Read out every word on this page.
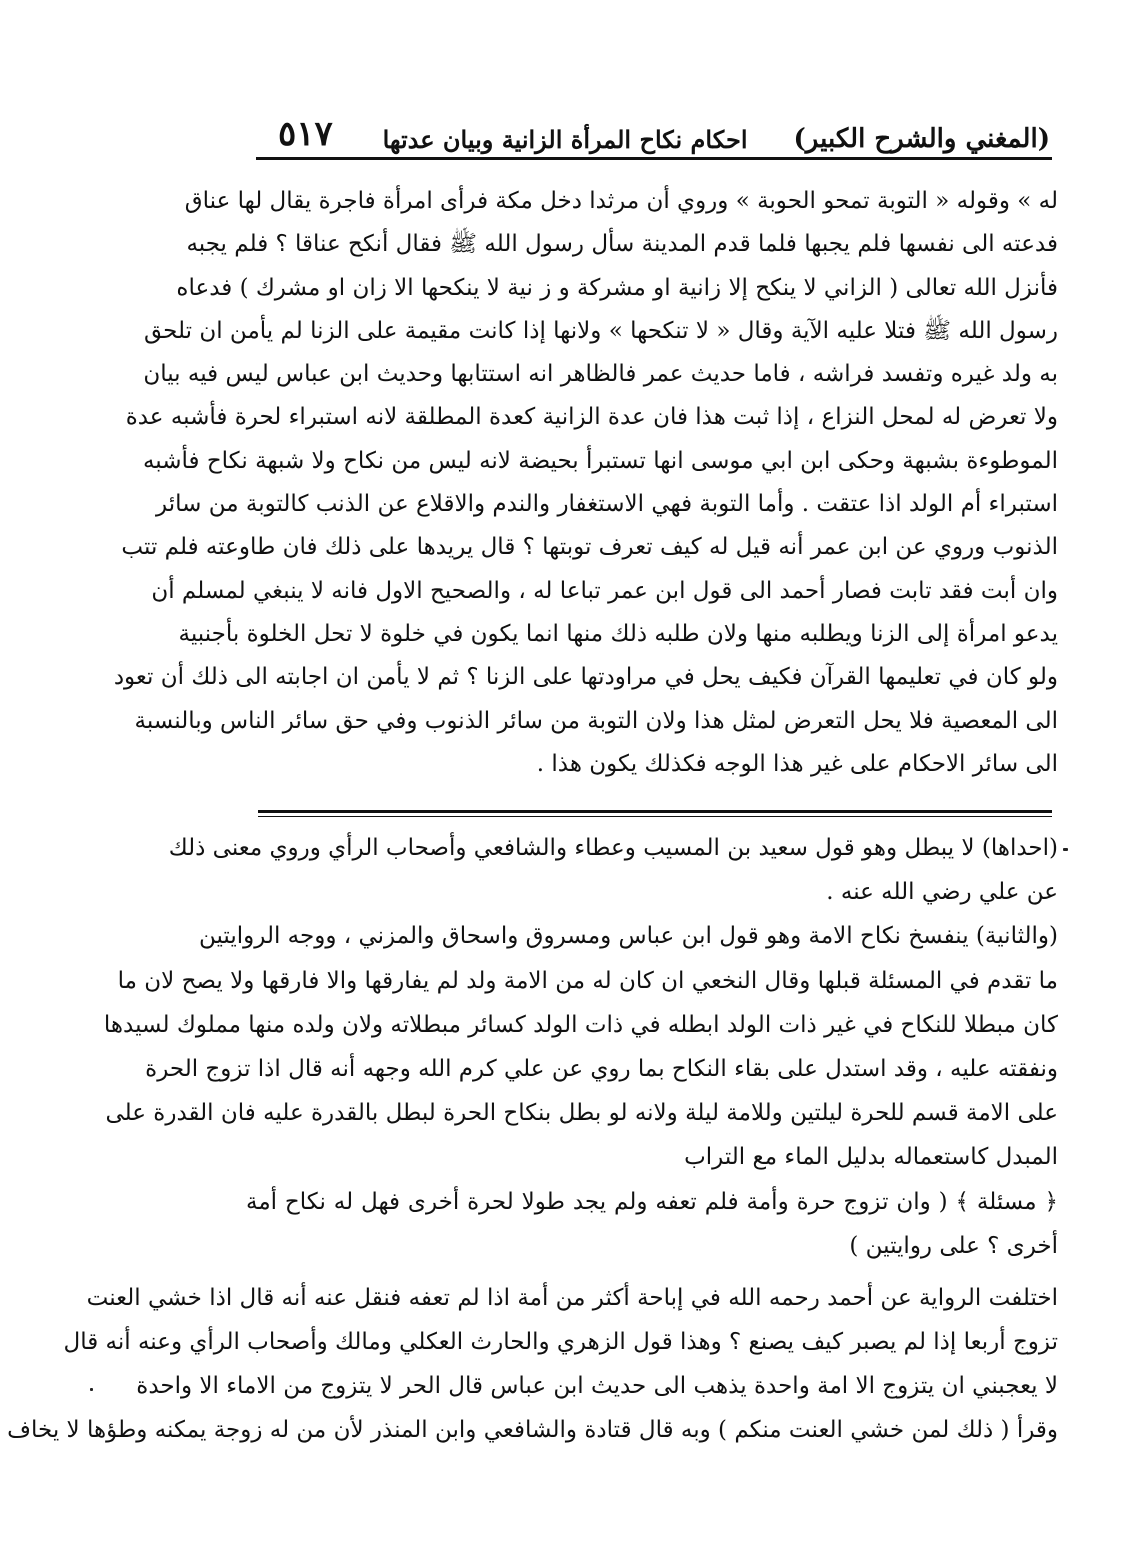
(المغني والشرح الكبير)
احكام نكاح المرأة الزانية وبيان عدتها
٥١٧
له » وقوله « التوبة تمحو الحوبة » وروي أن مرثدا دخل مكة فرأى امرأة فاجرة يقال لها عناق
فدعته الى نفسها فلم يجبها فلما قدم المدينة سأل رسول الله ﷺ فقال أنكح عناقا ؟ فلم يجبه
فأنزل الله تعالى ( الزاني لا ينكح إلا زانية او مشركة و ز نية لا ينكحها الا زان او مشرك ) فدعاه
رسول الله ﷺ فتلا عليه الآية وقال « لا تنكحها » ولانها إذا كانت مقيمة على الزنا لم يأمن ان تلحق
به ولد غيره وتفسد فراشه ، فاما حديث عمر فالظاهر انه استتابها وحديث ابن عباس ليس فيه بيان
ولا تعرض له لمحل النزاع ، إذا ثبت هذا فان عدة الزانية كعدة المطلقة لانه استبراء لحرة فأشبه عدة
الموطوءة بشبهة وحكى ابن ابي موسى انها تستبرأ بحيضة لانه ليس من نكاح ولا شبهة نكاح فأشبه
استبراء أم الولد اذا عتقت . وأما التوبة فهي الاستغفار والندم والاقلاع عن الذنب كالتوبة من سائر
الذنوب وروي عن ابن عمر أنه قيل له كيف تعرف توبتها ؟ قال يريدها على ذلك فان طاوعته فلم تتب
وان أبت فقد تابت فصار أحمد الى قول ابن عمر تباعا له ، والصحيح الاول فانه لا ينبغي لمسلم أن
يدعو امرأة إلى الزنا ويطلبه منها ولان طلبه ذلك منها انما يكون في خلوة لا تحل الخلوة بأجنبية
ولو كان في تعليمها القرآن فكيف يحل في مراودتها على الزنا ؟ ثم لا يأمن ان اجابته الى ذلك أن تعود
الى المعصية فلا يحل التعرض لمثل هذا ولان التوبة من سائر الذنوب وفي حق سائر الناس وبالنسبة
الى سائر الاحكام على غير هذا الوجه فكذلك يكون هذا .
(احداها) لا يبطل وهو قول سعيد بن المسيب وعطاء والشافعي وأصحاب الرأي وروي معنى ذلك
عن علي رضي الله عنه .
(والثانية) ينفسخ نكاح الامة وهو قول ابن عباس ومسروق واسحاق والمزني ، ووجه الروايتين
ما تقدم في المسئلة قبلها وقال النخعي ان كان له من الامة ولد لم يفارقها والا فارقها ولا يصح لان ما
كان مبطلا للنكاح في غير ذات الولد ابطله في ذات الولد كسائر مبطلاته ولان ولده منها مملوك لسيدها
ونفقته عليه ، وقد استدل على بقاء النكاح بما روي عن علي كرم الله وجهه أنه قال اذا تزوج الحرة
على الامة قسم للحرة ليلتين وللامة ليلة ولانه لو بطل بنكاح الحرة لبطل بالقدرة عليه فان القدرة على
المبدل كاستعماله بدليل الماء مع التراب
﴿ مسئلة ﴾ ( وان تزوج حرة وأمة فلم تعفه ولم يجد طولا لحرة أخرى فهل له نكاح أمة
أخرى ؟ على روايتين )
اختلفت الرواية عن أحمد رحمه الله في إباحة أكثر من أمة اذا لم تعفه فنقل عنه أنه قال اذا خشي العنت
تزوج أربعا إذا لم يصبر كيف يصنع ؟ وهذا قول الزهري والحارث العكلي ومالك وأصحاب الرأي وعنه أنه قال
لا يعجبني ان يتزوج الا امة واحدة يذهب الى حديث ابن عباس قال الحر لا يتزوج من الاماء الا واحدة
وقرأ ( ذلك لمن خشي العنت منكم ) وبه قال قتادة والشافعي وابن المنذر لأن من له زوجة يمكنه وطؤها لا يخاف
